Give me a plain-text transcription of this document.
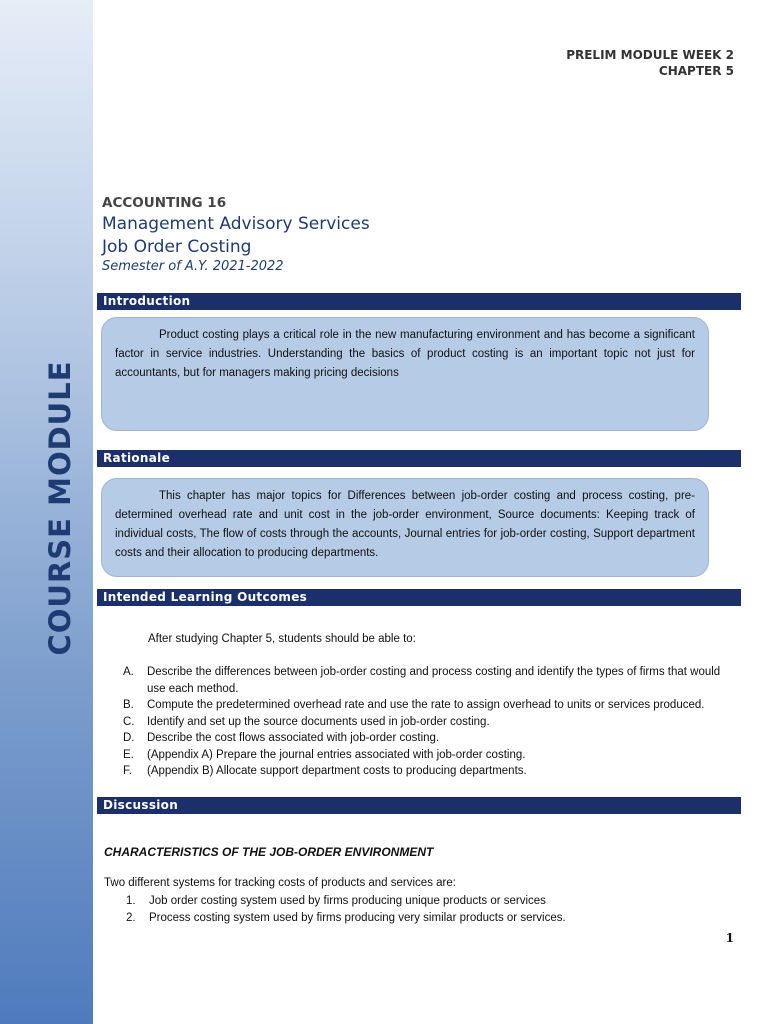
COURSE MODULE
PRELIM MODULE WEEK 2
CHAPTER 5
ACCOUNTING 16
Management Advisory Services
Job Order Costing
Semester of A.Y. 2021-2022
Introduction
Product costing plays a critical role in the new manufacturing environment and has become a significant factor in service industries. Understanding the basics of product costing is an important topic not just for accountants, but for managers making pricing decisions
Rationale
This chapter has major topics for Differences between job-order costing and process costing, pre-determined overhead rate and unit cost in the job-order environment, Source documents: Keeping track of individual costs, The flow of costs through the accounts, Journal entries for job-order costing, Support department costs and their allocation to producing departments.
Intended Learning Outcomes
After studying Chapter 5, students should be able to:
A.	Describe the differences between job-order costing and process costing and identify the types of firms that would use each method.
B.	Compute the predetermined overhead rate and use the rate to assign overhead to units or services produced.
C.	Identify and set up the source documents used in job-order costing.
D.	Describe the cost flows associated with job-order costing.
E.	(Appendix A) Prepare the journal entries associated with job-order costing.
F.	(Appendix B) Allocate support department costs to producing departments.
Discussion
CHARACTERISTICS OF THE JOB-ORDER ENVIRONMENT
Two different systems for tracking costs of products and services are:
1.	Job order costing system used by firms producing unique products or services
2.	Process costing system used by firms producing very similar products or services.
1
